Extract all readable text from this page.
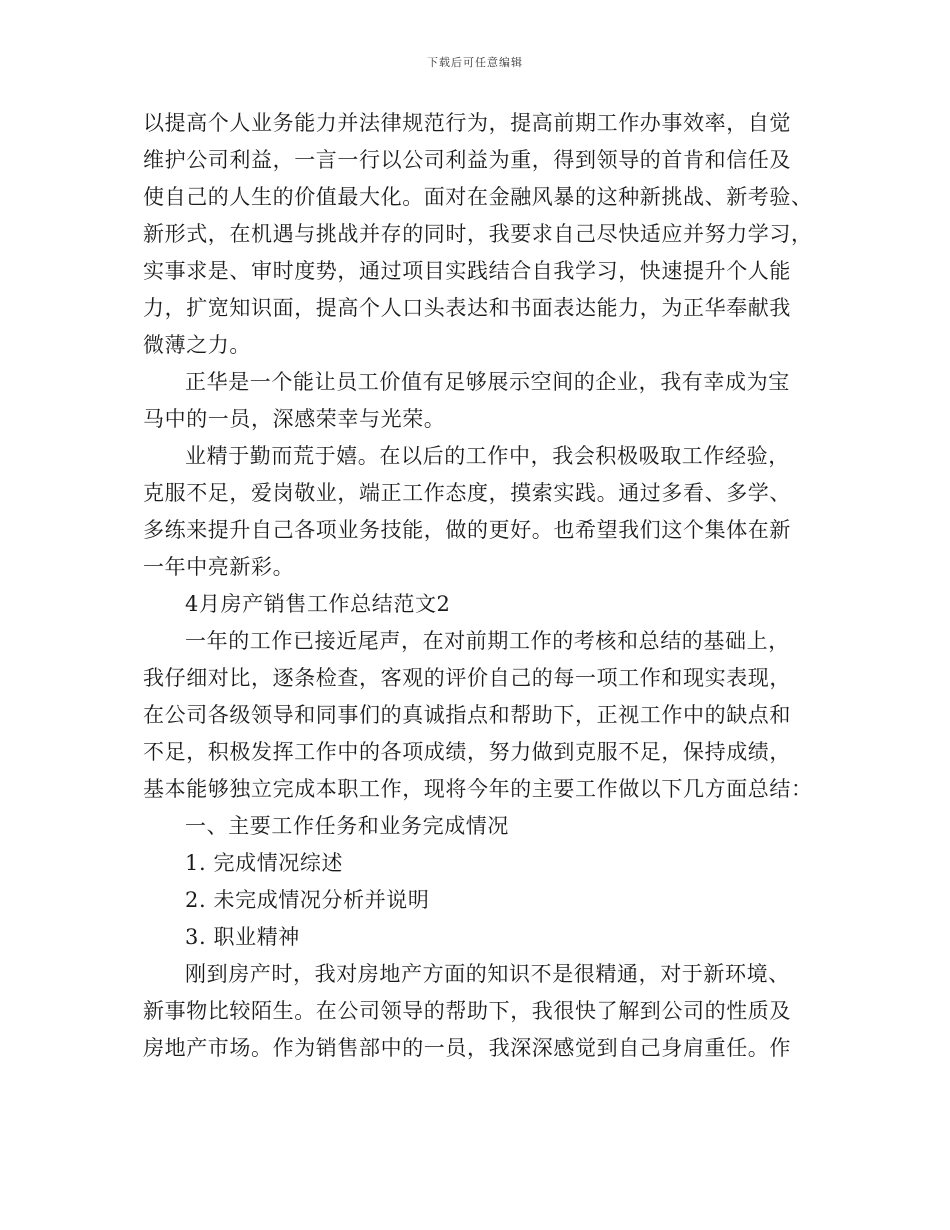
下载后可任意编辑
以提高个人业务能力并法律规范行为，提高前期工作办事效率，自觉
维护公司利益，一言一行以公司利益为重，得到领导的首肯和信任及
使自己的人生的价值最大化。面对在金融风暴的这种新挑战、新考验、
新形式，在机遇与挑战并存的同时，我要求自己尽快适应并努力学习，
实事求是、审时度势，通过项目实践结合自我学习，快速提升个人能
力，扩宽知识面，提高个人口头表达和书面表达能力，为正华奉献我
微薄之力。
正华是一个能让员工价值有足够展示空间的企业，我有幸成为宝
马中的一员，深感荣幸与光荣。
业精于勤而荒于嬉。在以后的工作中，我会积极吸取工作经验，
克服不足，爱岗敬业，端正工作态度，摸索实践。通过多看、多学、
多练来提升自己各项业务技能，做的更好。也希望我们这个集体在新
一年中亮新彩。
4月房产销售工作总结范文2
一年的工作已接近尾声，在对前期工作的考核和总结的基础上，
我仔细对比，逐条检查，客观的评价自己的每一项工作和现实表现，
在公司各级领导和同事们的真诚指点和帮助下，正视工作中的缺点和
不足，积极发挥工作中的各项成绩，努力做到克服不足，保持成绩，
基本能够独立完成本职工作，现将今年的主要工作做以下几方面总结：
一、主要工作任务和业务完成情况
1. 完成情况综述
2. 未完成情况分析并说明
3. 职业精神
刚到房产时，我对房地产方面的知识不是很精通，对于新环境、
新事物比较陌生。在公司领导的帮助下，我很快了解到公司的性质及
房地产市场。作为销售部中的一员，我深深感觉到自己身肩重任。作
